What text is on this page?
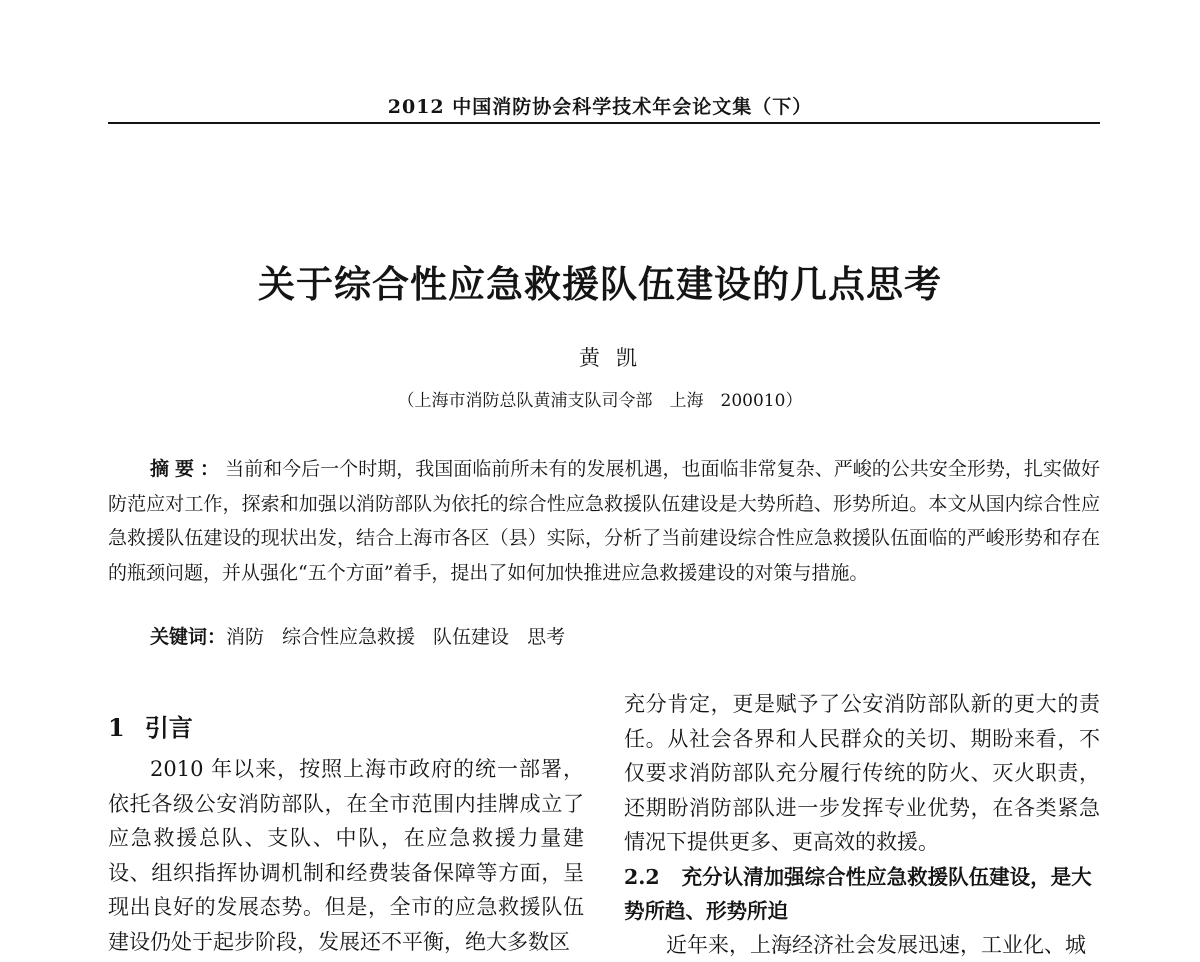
2012 中国消防协会科学技术年会论文集（下）
关于综合性应急救援队伍建设的几点思考
黄凯
（上海市消防总队黄浦支队司令部　上海　200010）
摘要：当前和今后一个时期，我国面临前所未有的发展机遇，也面临非常复杂、严峻的公共安全形势，扎实做好防范应对工作，探索和加强以消防部队为依托的综合性应急救援队伍建设是大势所趋、形势所迫。本文从国内综合性应急救援队伍建设的现状出发，结合上海市各区（县）实际，分析了当前建设综合性应急救援队伍面临的严峻形势和存在的瓶颈问题，并从强化“五个方面”着手，提出了如何加快推进应急救援建设的对策与措施。
关键词：消防 综合性应急救援 队伍建设 思考
1 引言

2010 年以来，按照上海市政府的统一部署，依托各级公安消防部队，在全市范围内挂牌成立了应急救援总队、支队、中队，在应急救援力量建设、组织指挥协调机制和经费装备保障等方面，呈现出良好的发展态势。但是，全市的应急救援队伍建设仍处于起步阶段，发展还不平衡，绝大多数区

充分肯定，更是赋予了公安消防部队新的更大的责任。从社会各界和人民群众的关切、期盼来看，不仅要求消防部队充分履行传统的防火、灭火职责，还期盼消防部队进一步发挥专业优势，在各类紧急情况下提供更多、更高效的救援。

2.2 充分认清加强综合性应急救援队伍建设，是大势所趋、形势所迫

近年来，上海经济社会发展迅速，工业化、城
